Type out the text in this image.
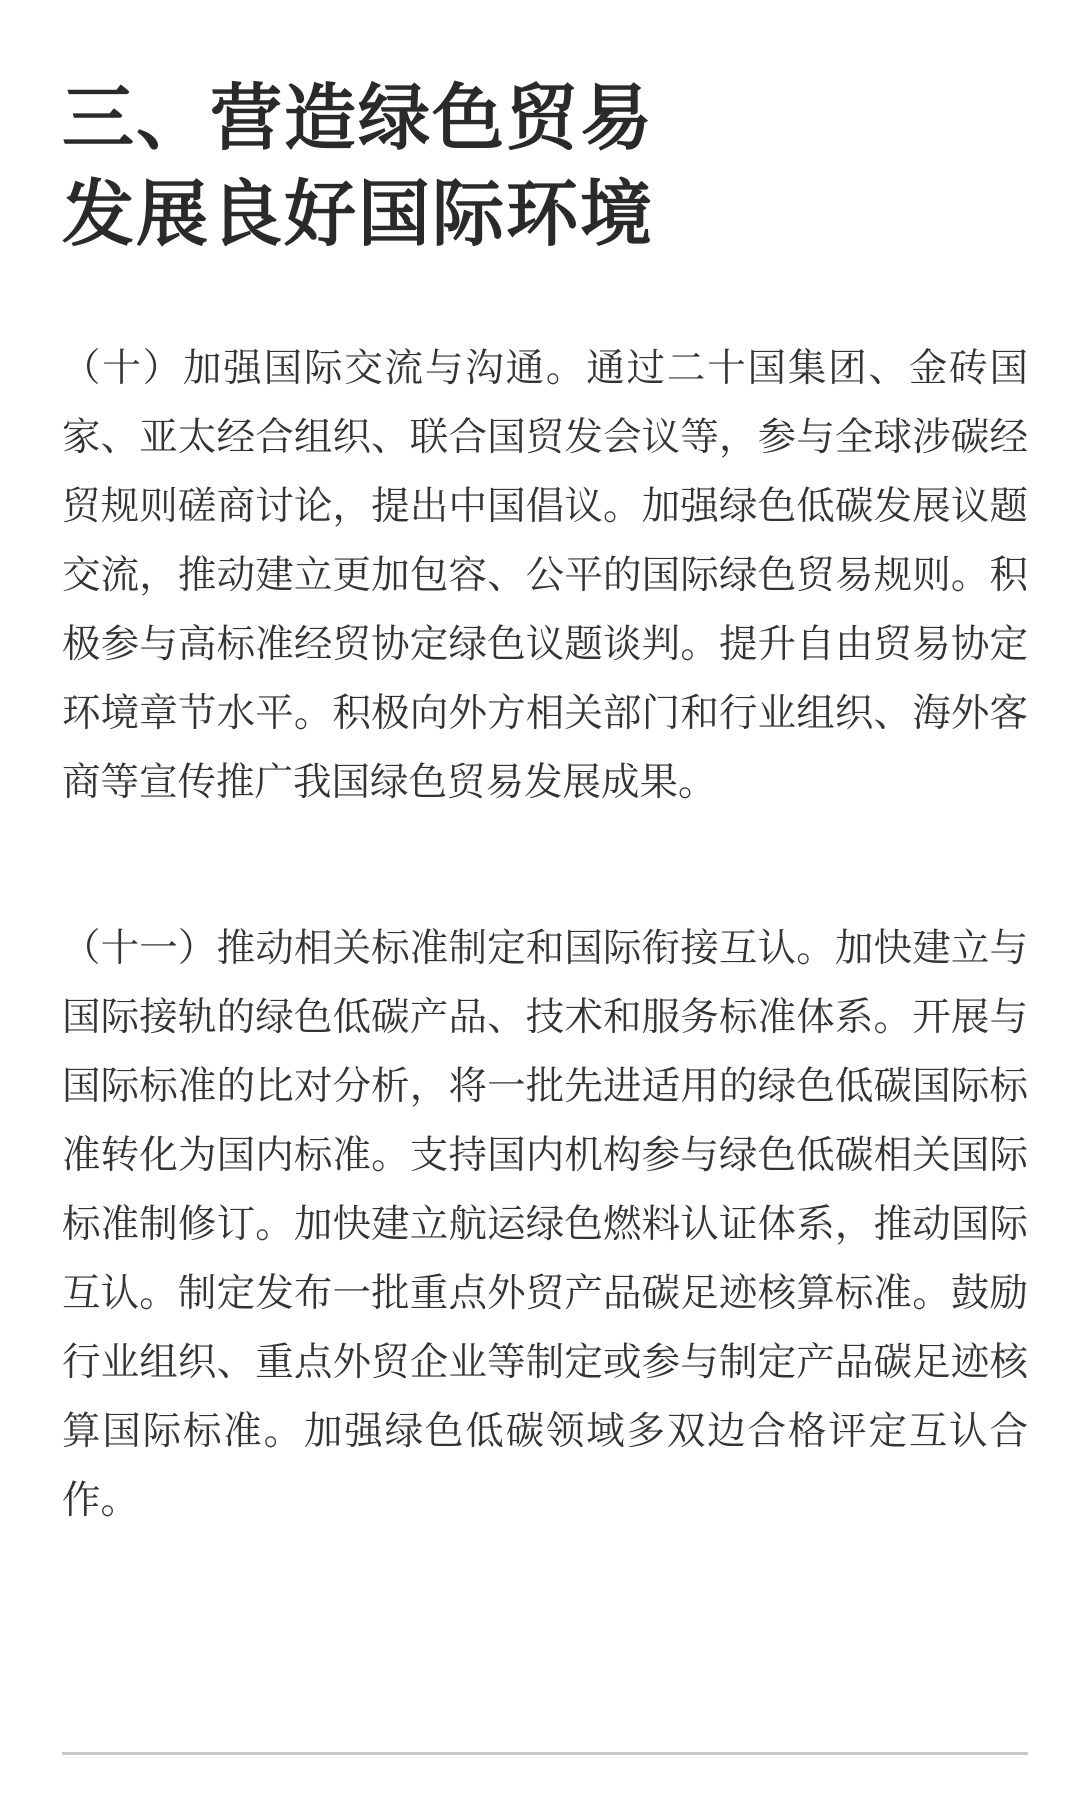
三、营造绿色贸易
发展良好国际环境

（十）加强国际交流与沟通。通过二十国集团、金砖国家、亚太经合组织、联合国贸发会议等，参与全球涉碳经贸规则磋商讨论，提出中国倡议。加强绿色低碳发展议题交流，推动建立更加包容、公平的国际绿色贸易规则。积极参与高标准经贸协定绿色议题谈判。提升自由贸易协定环境章节水平。积极向外方相关部门和行业组织、海外客商等宣传推广我国绿色贸易发展成果。

（十一）推动相关标准制定和国际衔接互认。加快建立与国际接轨的绿色低碳产品、技术和服务标准体系。开展与国际标准的比对分析，将一批先进适用的绿色低碳国际标准转化为国内标准。支持国内机构参与绿色低碳相关国际标准制修订。加快建立航运绿色燃料认证体系，推动国际互认。制定发布一批重点外贸产品碳足迹核算标准。鼓励行业组织、重点外贸企业等制定或参与制定产品碳足迹核算国际标准。加强绿色低碳领域多双边合格评定互认合作。
